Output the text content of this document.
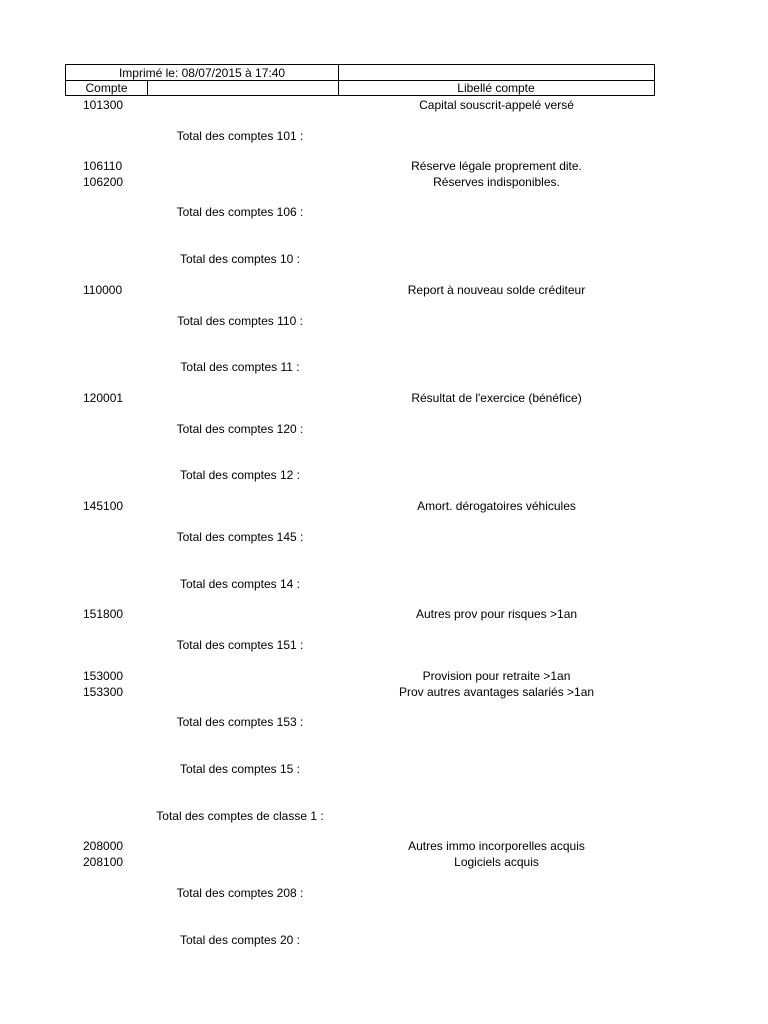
Imprimé le: 08/07/2015 à 17:40
Compte	Libellé compte
101300	Capital souscrit-appelé versé
Total des comptes 101 :
106110	Réserve légale proprement dite.
106200	Réserves indisponibles.
Total des comptes 106 :
Total des comptes 10 :
110000	Report à nouveau solde créditeur
Total des comptes 110 :
Total des comptes 11 :
120001	Résultat de l'exercice (bénéfice)
Total des comptes 120 :
Total des comptes 12 :
145100	Amort. dérogatoires véhicules
Total des comptes 145 :
Total des comptes 14 :
151800	Autres prov pour risques >1an
Total des comptes 151 :
153000	Provision pour retraite >1an
153300	Prov autres avantages salariés >1an
Total des comptes 153 :
Total des comptes 15 :
Total des comptes de classe 1 :
208000	Autres immo incorporelles acquis
208100	Logiciels acquis
Total des comptes 208 :
Total des comptes 20 :
